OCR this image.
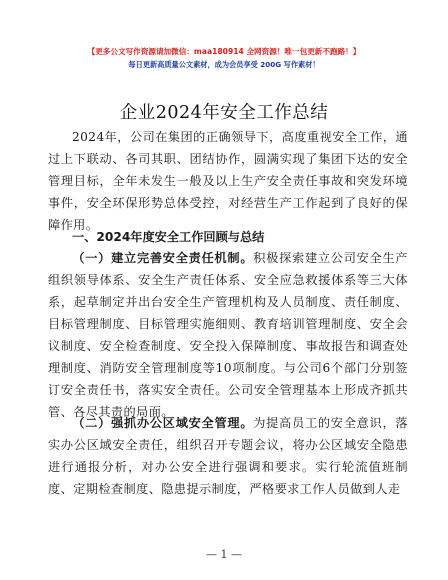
【更多公文写作资源请加微信：maa180914 全网资源！唯一包更新不跑路！】
每日更新高质量公文素材，成为会员享受 200G 写作素材！
企业2024年安全工作总结
2024年，公司在集团的正确领导下，高度重视安全工作，通过上下联动、各司其职、团结协作，圆满实现了集团下达的安全管理目标，全年未发生一般及以上生产安全责任事故和突发环境事件，安全环保形势总体受控，对经营生产工作起到了良好的保障作用。
一、2024年度安全工作回顾与总结
（一）建立完善安全责任机制。积极探索建立公司安全生产组织领导体系、安全生产责任体系、安全应急救援体系等三大体系，起草制定并出台安全生产管理机构及人员制度、责任制度、目标管理制度、目标管理实施细则、教育培训管理制度、安全会议制度、安全检查制度、安全投入保障制度、事故报告和调查处理制度、消防安全管理制度等10项制度。与公司6个部门分别签订安全责任书，落实安全责任。公司安全管理基本上形成齐抓共管、各尽其责的局面。
（二）强抓办公区域安全管理。为提高员工的安全意识，落实办公区域安全责任，组织召开专题会议，将办公区域安全隐患进行通报分析，对办公安全进行强调和要求。实行轮流值班制度、定期检查制度、隐患提示制度，严格要求工作人员做到人走
— 1 —
